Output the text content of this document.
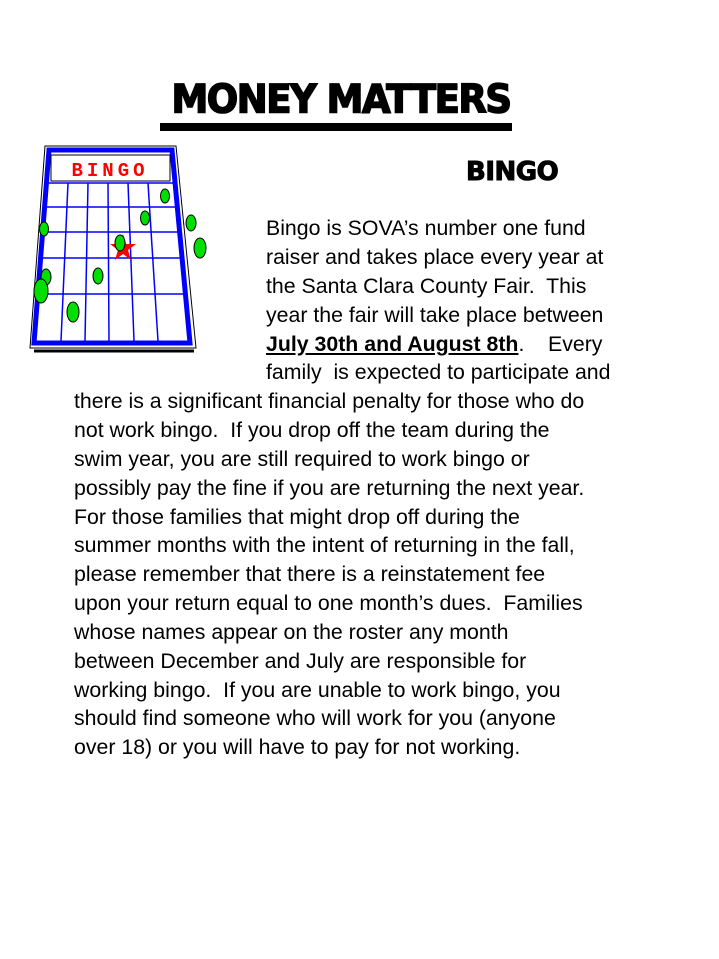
MONEY MATTERS
BINGO	BINGO
Bingo is SOVA’s number one fund
raiser and takes place every year at
the Santa Clara County Fair.  This
year the fair will take place between
July 30th and August 8th.    Every
family  is expected to participate and
there is a significant financial penalty for those who do
not work bingo.  If you drop off the team during the
swim year, you are still required to work bingo or
possibly pay the fine if you are returning the next year.
For those families that might drop off during the
summer months with the intent of returning in the fall,
please remember that there is a reinstatement fee
upon your return equal to one month’s dues.  Families
whose names appear on the roster any month
between December and July are responsible for
working bingo.  If you are unable to work bingo, you
should find someone who will work for you (anyone
over 18) or you will have to pay for not working.
